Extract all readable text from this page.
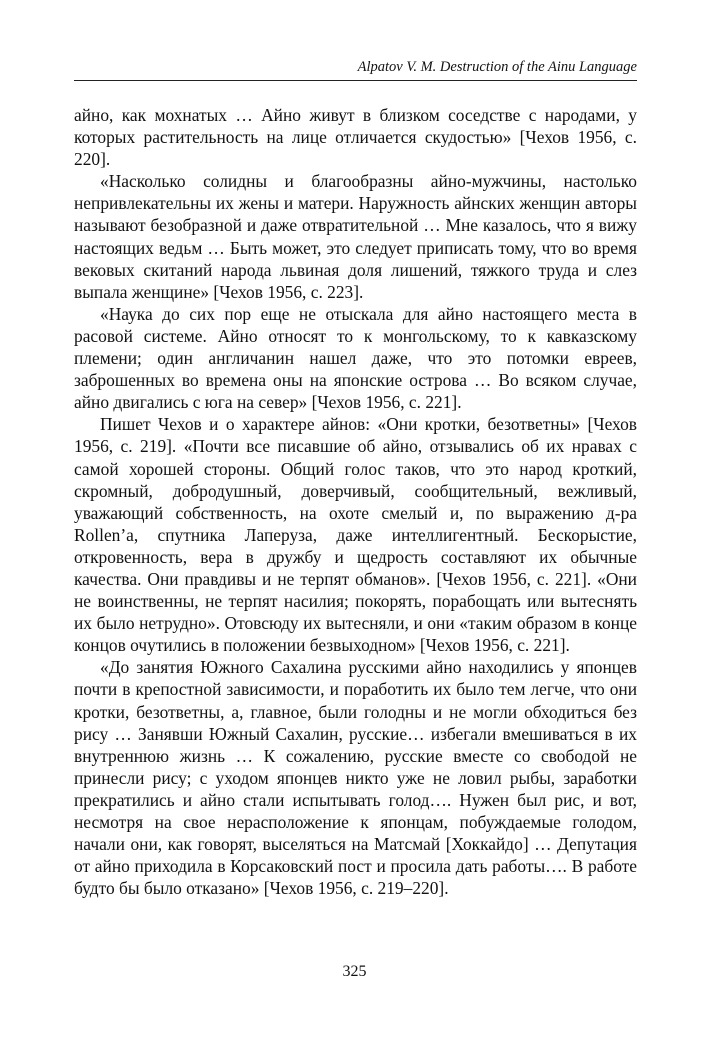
Alpatov V. M. Destruction of the Ainu Language

айно, как мохнатых … Айно живут в близком соседстве с народами, у которых растительность на лице отличается скудостью» [Чехов 1956, с. 220].

«Насколько солидны и благообразны айно-мужчины, настолько непривлекательны их жены и матери. Наружность айнских женщин авторы называют безобразной и даже отвратительной … Мне казалось, что я вижу настоящих ведьм … Быть может, это следует приписать тому, что во время вековых скитаний народа львиная доля лишений, тяжкого труда и слез выпала женщине» [Чехов 1956, с. 223].

«Наука до сих пор еще не отыскала для айно настоящего места в расовой системе. Айно относят то к монгольскому, то к кавказскому племени; один англичанин нашел даже, что это потомки евреев, заброшенных во времена оны на японские острова … Во всяком случае, айно двигались с юга на север» [Чехов 1956, с. 221].

Пишет Чехов и о характере айнов: «Они кротки, безответны» [Чехов 1956, с. 219]. «Почти все писавшие об айно, отзывались об их нравах с самой хорошей стороны. Общий голос таков, что это народ кроткий, скромный, добродушный, доверчивый, сообщительный, вежливый, уважающий собственность, на охоте смелый и, по выражению д-ра Rollen’а, спутника Лаперуза, даже интеллигентный. Бескорыстие, откровенность, вера в дружбу и щедрость составляют их обычные качества. Они правдивы и не терпят обманов». [Чехов 1956, с. 221]. «Они не воинственны, не терпят насилия; покорять, порабощать или вытеснять их было нетрудно». Отовсюду их вытесняли, и они «таким образом в конце концов очутились в положении безвыходном» [Чехов 1956, с. 221].

«До занятия Южного Сахалина русскими айно находились у японцев почти в крепостной зависимости, и поработить их было тем легче, что они кротки, безответны, а, главное, были голодны и не могли обходиться без рису … Занявши Южный Сахалин, русские… избегали вмешиваться в их внутреннюю жизнь … К сожалению, русские вместе со свободой не принесли рису; с уходом японцев никто уже не ловил рыбы, заработки прекратились и айно стали испытывать голод…. Нужен был рис, и вот, несмотря на свое нерасположение к японцам, побуждаемые голодом, начали они, как говорят, выселяться на Матсмай [Хоккайдо] … Депутация от айно приходила в Корсаковский пост и просила дать работы…. В работе будто бы было отказано» [Чехов 1956, с. 219–220].

325
